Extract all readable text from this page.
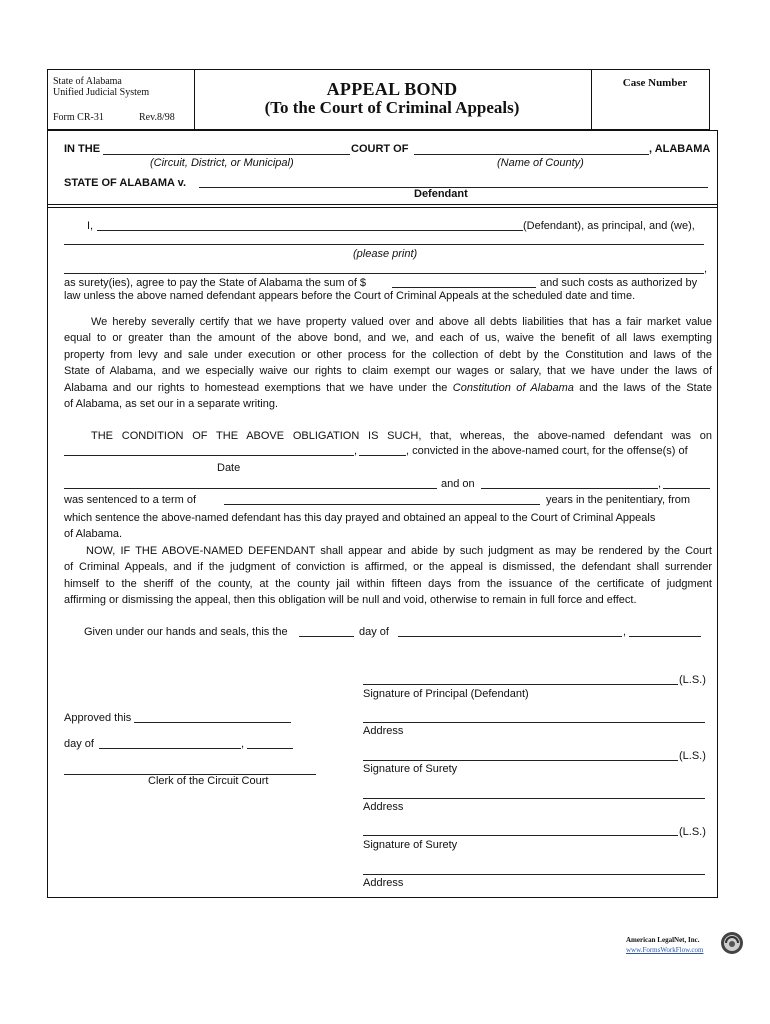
State of Alabama
Unified Judicial System
Form CR-31	Rev.8/98
APPEAL BOND
(To the Court of Criminal Appeals)
Case Number
IN THE	COURT OF	, ALABAMA
(Circuit, District, or Municipal)	(Name of County)
STATE OF ALABAMA v.
Defendant
I,	(Defendant), as principal, and (we),
(please print)
,
as surety(ies), agree to pay the State of Alabama the sum of $	and such costs as authorized by
law unless the above named defendant appears before the Court of Criminal Appeals at the scheduled date and time.
We hereby severally certify that we have property valued over and above all debts liabilities that has a fair market value
equal to or greater than the amount of the above bond, and we, and each of us, waive the benefit of all laws exempting
property from levy and sale under execution or other process for the collection of debt by the Constitution and laws of the
State of Alabama, and we especially waive our rights to claim exempt our wages or salary, that we have under the laws of
Alabama and our rights to homestead exemptions that we have under the Constitution of Alabama and the laws of the State
of Alabama, as set our in a separate writing.
THE CONDITION OF THE ABOVE OBLIGATION IS SUCH, that, whereas, the above-named defendant was on
,	, convicted in the above-named court, for the offense(s) of
Date
and on	,
was sentenced to a term of	years in the penitentiary, from
which sentence the above-named defendant has this day prayed and obtained an appeal to the Court of Criminal Appeals
of Alabama.
NOW, IF THE ABOVE-NAMED DEFENDANT shall appear and abide by such judgment as may be rendered by the Court
of Criminal Appeals, and if the judgment of conviction is affirmed, or the appeal is dismissed, the defendant shall surrender
himself to the sheriff of the county, at the county jail within fifteen days from the issuance of the certificate of judgment
affirming or dismissing the appeal, then this obligation will be null and void, otherwise to remain in full force and effect.
Given under our hands and seals, this the	day of	,
(L.S.)
Signature of Principal (Defendant)
Address
(L.S.)
Signature of Surety
Address
(L.S.)
Signature of Surety
Address
Approved this
day of	,
Clerk of the Circuit Court
American LegalNet, Inc.
www.FormsWorkFlow.com
